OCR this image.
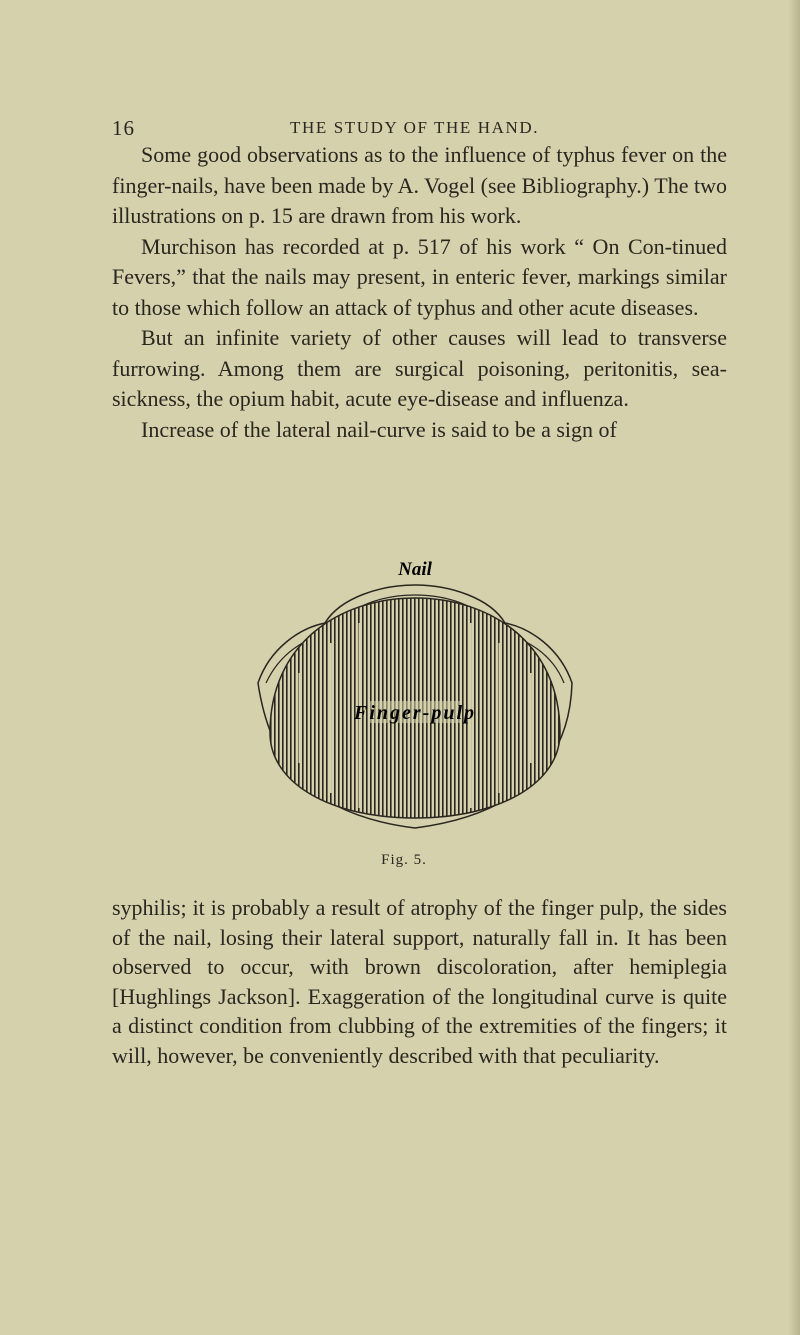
16	THE STUDY OF THE HAND.

Some good observations as to the influence of typhus fever on the finger-nails, have been made by A. Vogel (see Bibliography.) The two illustrations on p. 15 are drawn from his work.

Murchison has recorded at p. 517 of his work “ On Con-tinued Fevers,” that the nails may present, in enteric fever, markings similar to those which follow an attack of typhus and other acute diseases.

But an infinite variety of other causes will lead to transverse furrowing. Among them are surgical poisoning, peritonitis, sea-sickness, the opium habit, acute eye-disease and influenza.

Increase of the lateral nail-curve is said to be a sign of

Nail
Finger-pulp
Fig. 5.

syphilis; it is probably a result of atrophy of the finger pulp, the sides of the nail, losing their lateral support, naturally fall in. It has been observed to occur, with brown discoloration, after hemiplegia [Hughlings Jackson]. Exaggeration of the longitudinal curve is quite a distinct condition from clubbing of the extremities of the fingers; it will, however, be conveniently described with that peculiarity.
